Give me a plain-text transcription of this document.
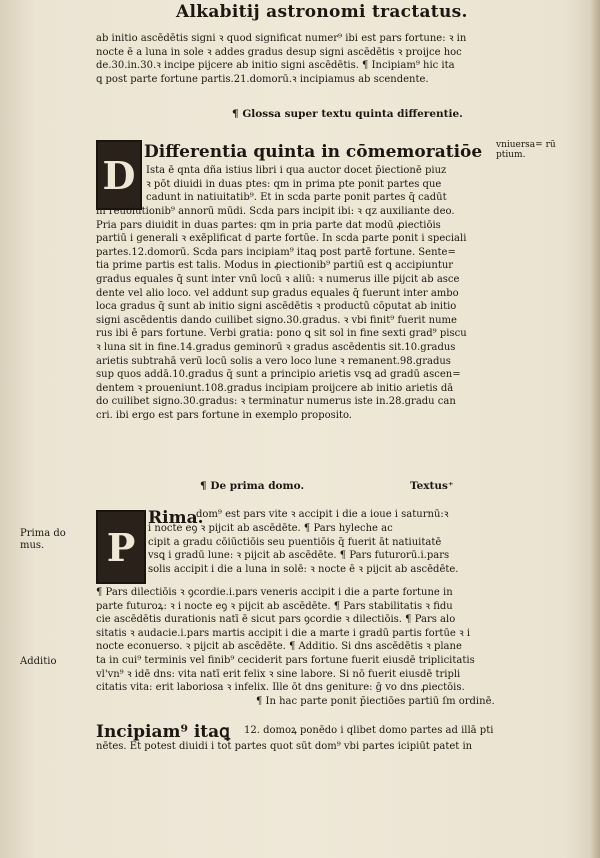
Alkabitij astronomi tractatus.
ab initio ascēdētis signi ꝛ quod significat numer⁹ ibi est pars fortune: ꝛ in
nocte ē a luna in sole ꝛ addes gradus desup signi ascēdētis ꝛ proijce hoc
de.30.in.30.ꝛ incipe pijcere ab initio signi ascēdētis. ¶ Incipiam⁹ hic ita
ꝗ post parte fortune partis.21.domorū.ꝛ incipiamus ab scendente.
¶ Glossa super textu quinta differentie.
D
Differentia quinta in cōmemoratiōe vniuersa= rū ptium.
Ista ē qnta dña istius libri i qua auctor docet p̄iectionē piuz
ꝛ pōt diuidi in duas ptes: qm in prima pte ponit partes que
cadunt in natiuitatib⁹. Et in scda parte ponit partes q̄ cadūt
in reuolutionib⁹ annorū mūdi. Scda pars incipit ibi: ꝛ qz auxiliante deo.
Pria pars diuidit in duas partes: qm in pria parte dat modū ꝓiectiōis
partiū i generali ꝛ exēplificat d parte fortūe. In scda parte ponit i speciali
partes.12.domorū. Scda pars incipiam⁹ itaꝗ post partē fortune. Sente=
tia prime partis est talis. Modus in ꝓiectionib⁹ partiū est ꝗ accipiuntur
gradus equales q̄ sunt inter vnū locū ꝛ aliū: ꝛ numerus ille pijcit ab asce
dente vel alio loco. vel addunt sup gradus equales q̄ fuerunt inter ambo
loca gradus q̄ sunt ab initio signi ascēdētis ꝛ productū cōputat ab initio
signi ascēdentis dando cuilibet signo.30.gradus. ꝛ vbi finit⁹ fuerit nume
rus ibi ē pars fortune. Verbi gratia: pono ꝗ sit sol in fine sexti grad⁹ piscu
ꝛ luna sit in fine.14.gradus geminorū ꝛ gradus ascēdentis sit.10.gradus
arietis subtrahā verū locū solis a vero loco lune ꝛ remanent.98.gradus
sup quos addā.10.gradus q̄ sunt a principio arietis vsꝗ ad gradū ascen=
dentem ꝛ proueniunt.108.gradus incipiam proijcere ab initio arietis dā
do cuilibet signo.30.gradus: ꝛ terminatur numerus iste in.28.gradu can
cri. ibi ergo est pars fortune in exemplo proposito.
¶ De prima domo.	Textus⁺
Prima do mus.	P
Rima.
dom⁹ est pars vite ꝛ accipit i die a ioue i saturnū:ꝛ
i nocte eꝯ ꝛ pijcit ab ascēdēte. ¶ Pars hyleche ac
cipit a gradu cōiūctiōis seu puentiōis q̄ fuerit āt natiuitatē
vsꝗ i gradū lune: ꝛ pijcit ab ascēdēte. ¶ Pars futurorū.i.pars
solis accipit i die a luna in solē: ꝛ nocte ē ꝛ pijcit ab ascēdēte.
¶ Pars dilectiōis ꝛ ꝯcordie.i.pars veneris accipit i die a parte fortune in
parte futuroꝝ: ꝛ i nocte eꝯ ꝛ pijcit ab ascēdēte. ¶ Pars stabilitatis ꝛ fidu
cie ascēdētis durationis natī ē sicut pars ꝯcordie ꝛ dilectiōis. ¶ Pars alo
sitatis ꝛ audacie.i.pars martis accipit i die a marte i gradū partis fortūe ꝛ i
nocte econuerso. ꝛ pijcit ab ascēdēte. ¶ Additio. Si dns ascēdētis ꝛ plane
ta in cui⁹ terminis vel finib⁹ ceciderit pars fortune fuerit eiusdē triplicitatis
vl'vn⁹ ꝛ idē dns: vita natī erit felix ꝛ sine labore. Si nō fuerit eiusdē tripli
citatis vita: erit laboriosa ꝛ infelix. Ille ōt dns geniture: ḡ vo dns ꝓiectōis.
¶ In hac parte ponit p̄iectiōes partiū ſm ordinē.
Additio
Incipiam⁹ itaꝗ 12. domoꝝ ponēdo i qlibet domo partes ad illā pti
nētes. Et potest diuidi i tot partes quot sūt dom⁹ vbi partes icipiūt patet in
